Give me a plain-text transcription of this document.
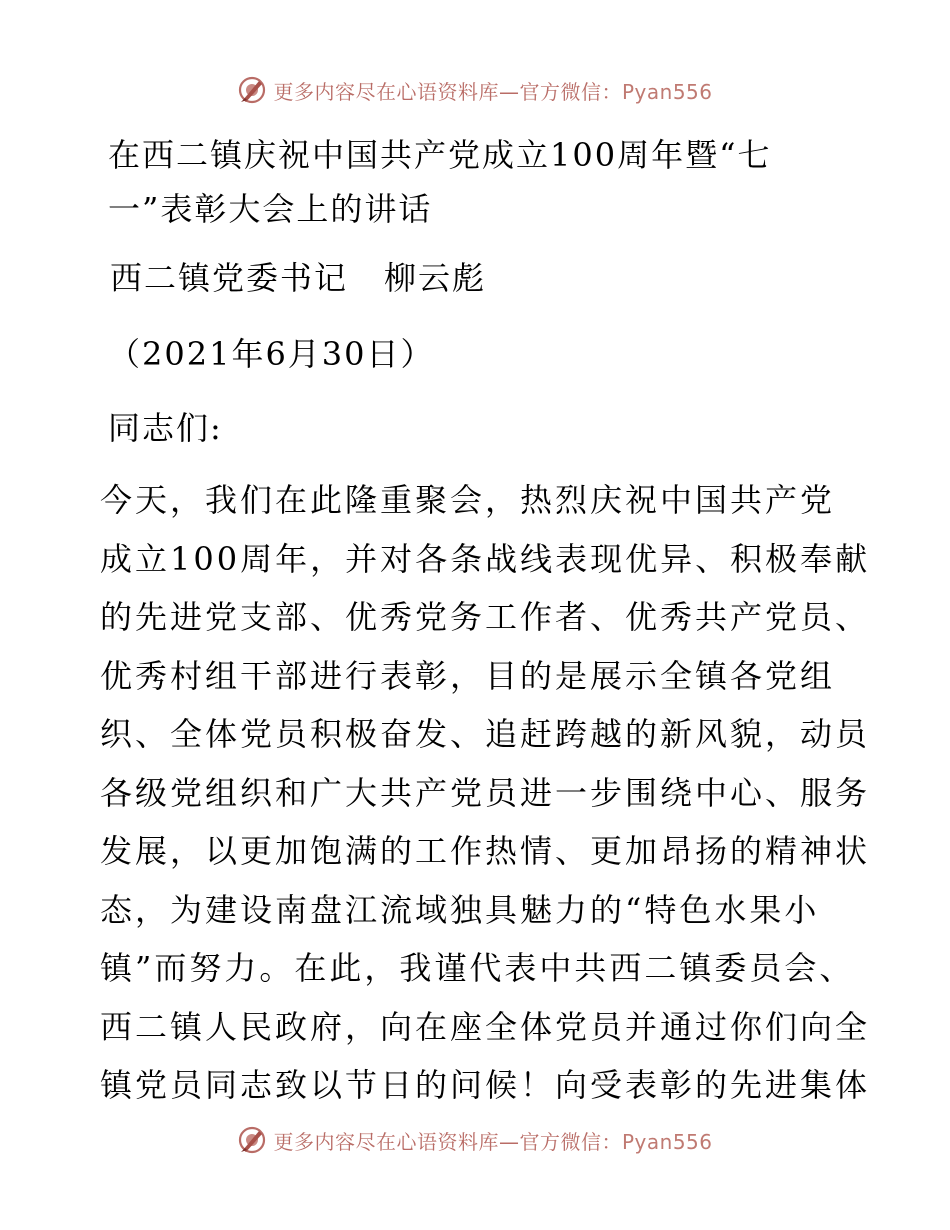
更多内容尽在心语资料库—官方微信：Pyan556
在西二镇庆祝中国共产党成立100周年暨“七一”表彰大会上的讲话

西二镇党委书记 柳云彪

（2021年6月30日）

同志们:

今天，我们在此隆重聚会，热烈庆祝中国共产党
成立100周年，并对各条战线表现优异、积极奉献
的先进党支部、优秀党务工作者、优秀共产党员、
优秀村组干部进行表彰，目的是展示全镇各党组
织、全体党员积极奋发、追赶跨越的新风貌，动员
各级党组织和广大共产党员进一步围绕中心、服务
发展，以更加饱满的工作热情、更加昂扬的精神状
态，为建设南盘江流域独具魅力的“特色水果小
镇”而努力。在此，我谨代表中共西二镇委员会、
西二镇人民政府，向在座全体党员并通过你们向全
镇党员同志致以节日的问候！向受表彰的先进集体
更多内容尽在心语资料库—官方微信：Pyan556
